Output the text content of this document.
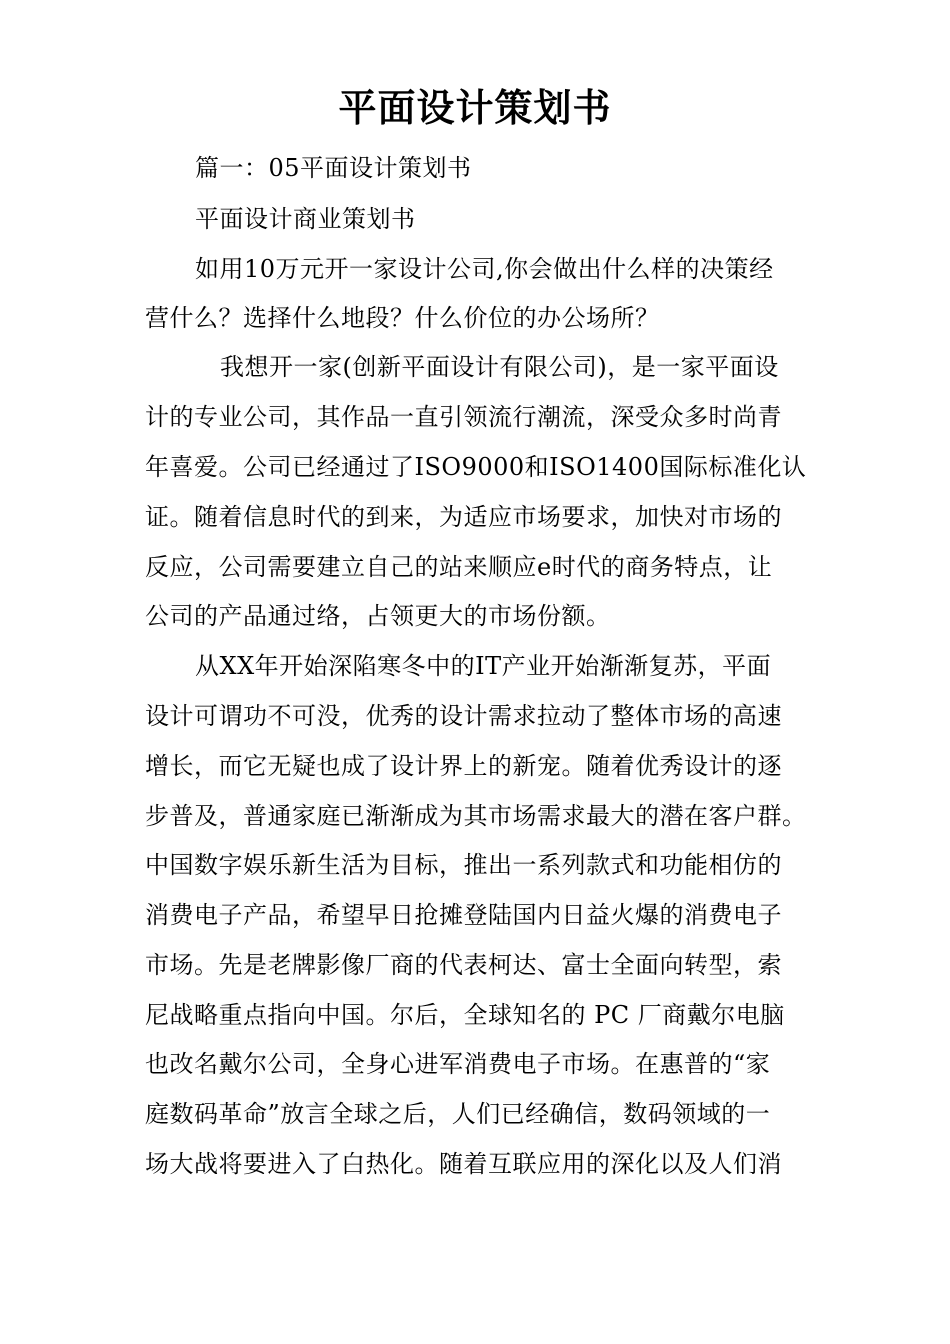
平面设计策划书
篇一：05平面设计策划书
平面设计商业策划书
如用10万元开一家设计公司,你会做出什么样的决策经
营什么？选择什么地段？什么价位的办公场所？
我想开一家(创新平面设计有限公司)，是一家平面设
计的专业公司，其作品一直引领流行潮流，深受众多时尚青
年喜爱。公司已经通过了ISO9000和ISO1400国际标准化认
证。随着信息时代的到来，为适应市场要求，加快对市场的
反应，公司需要建立自己的站来顺应e时代的商务特点，让
公司的产品通过络，占领更大的市场份额。
从XX年开始深陷寒冬中的IT产业开始渐渐复苏，平面
设计可谓功不可没，优秀的设计需求拉动了整体市场的高速
增长，而它无疑也成了设计界上的新宠。随着优秀设计的逐
步普及，普通家庭已渐渐成为其市场需求最大的潜在客户群。
中国数字娱乐新生活为目标，推出一系列款式和功能相仿的
消费电子产品，希望早日抢摊登陆国内日益火爆的消费电子
市场。先是老牌影像厂商的代表柯达、富士全面向转型，索
尼战略重点指向中国。尔后，全球知名的 PC 厂商戴尔电脑
也改名戴尔公司，全身心进军消费电子市场。在惠普的“家
庭数码革命”放言全球之后，人们已经确信，数码领域的一
场大战将要进入了白热化。随着互联应用的深化以及人们消
